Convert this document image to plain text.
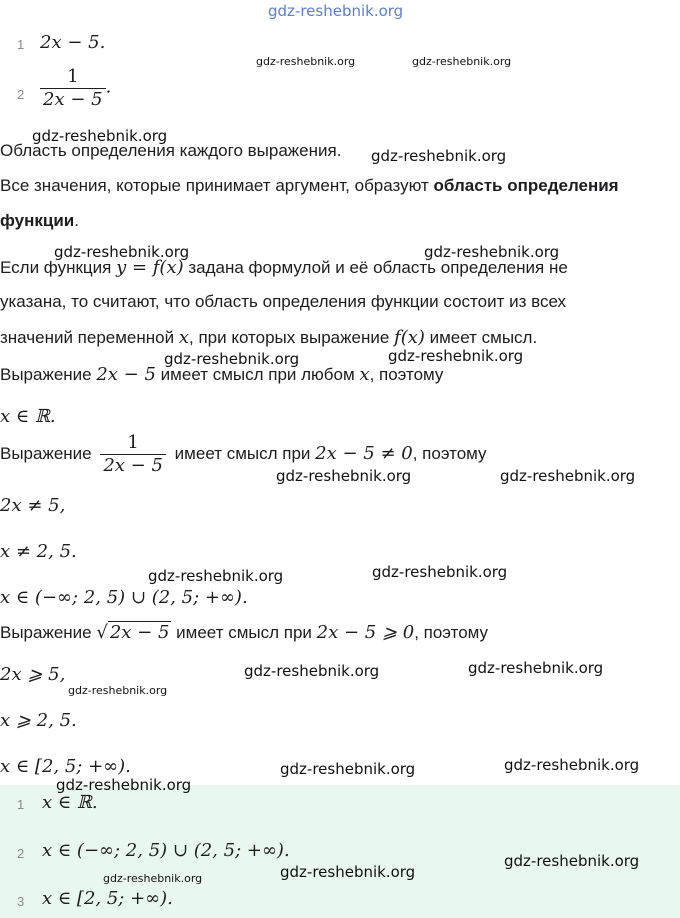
gdz-reshebnik.org
1 2x − 5.
gdz-reshebnik.org	gdz-reshebnik.org
$2 \frac{1}{2x - 5}$ .
gdz-reshebnik.org
Область определения каждого выражения. gdz-reshebnik.org
Все значения, которые принимает аргумент, образуют область определения
функции.
gdz-reshebnik.org	gdz-reshebnik.org
Если функция y = f(x) задана формулой и её область определения не
указана, то считают, что область определения функции состоит из всех
значений переменной x, при которых выражение f(x) имеет смысл.
gdz-reshebnik.org	gdz-reshebnik.org
Выражение 2x − 5 имеет смысл при любом x, поэтому
x ∈ ℝ.
Выражение $\frac{1}{2x - 5}$ имеет смысл при 2x − 5 ≠ 0, поэтому
gdz-reshebnik.org	gdz-reshebnik.org
2x ≠ 5,
x ≠ 2, 5.
gdz-reshebnik.org	gdz-reshebnik.org
x ∈ (−∞; 2, 5) ∪ (2, 5; +∞).
Выражение √ 2x − 5 имеет смысл при 2x − 5 ⩾ 0, поэтому
2x ⩾ 5,	gdz-reshebnik.org	gdz-reshebnik.org
gdz-reshebnik.org
x ⩾ 2, 5.
x ∈ [2, 5; +∞).	gdz-reshebnik.org	gdz-reshebnik.org
gdz-reshebnik.org
1 x ∈ ℝ.
2 x ∈ (−∞; 2, 5) ∪ (2, 5; +∞).	gdz-reshebnik.org
gdz-reshebnik.org
gdz-reshebnik.org
3 x ∈ [2, 5; +∞).
